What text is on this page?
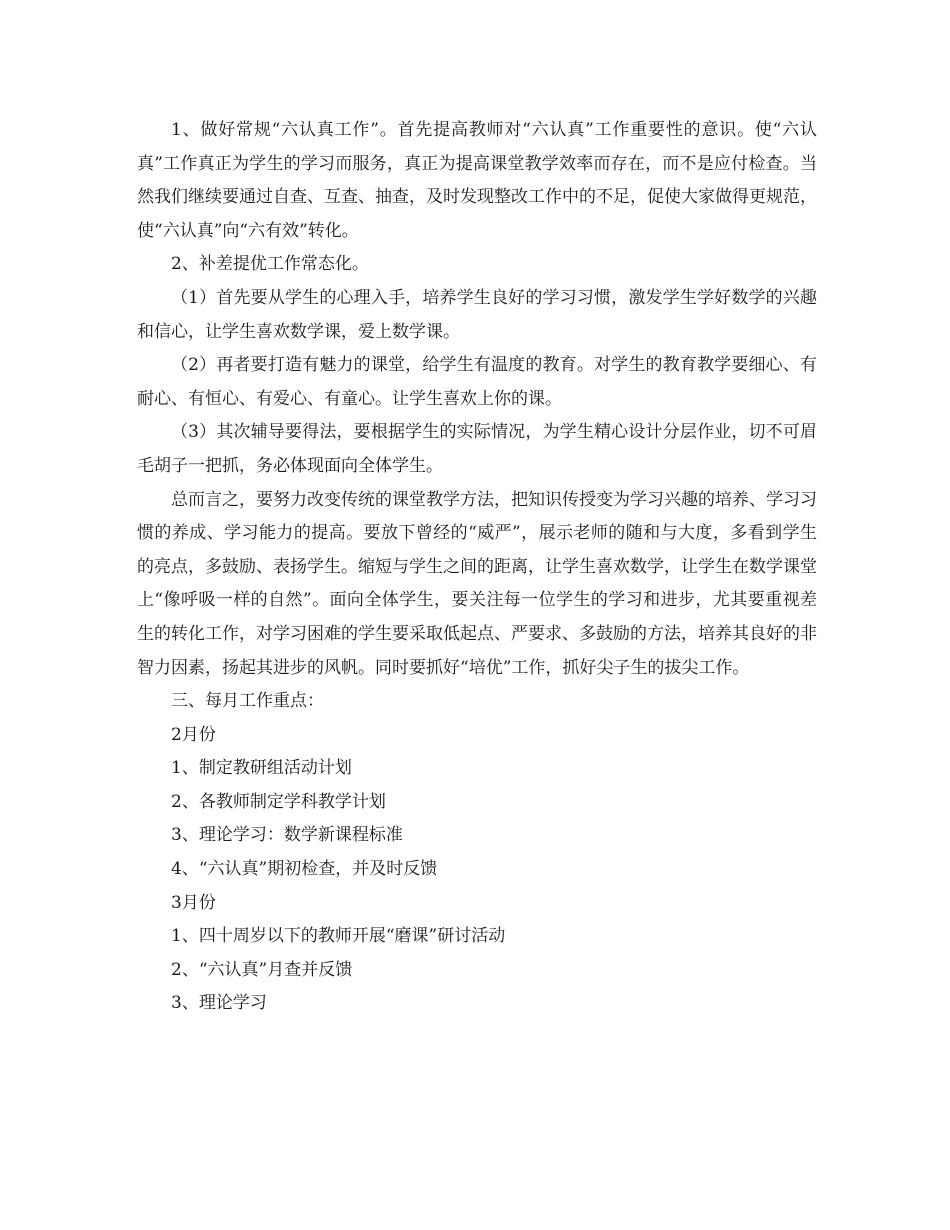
1、做好常规“六认真工作”。首先提高教师对“六认真”工作重要性的意识。使“六认真”工作真正为学生的学习而服务，真正为提高课堂教学效率而存在，而不是应付检查。当然我们继续要通过自查、互查、抽查，及时发现整改工作中的不足，促使大家做得更规范，使“六认真”向“六有效”转化。

2、补差提优工作常态化。

（1）首先要从学生的心理入手，培养学生良好的学习习惯，激发学生学好数学的兴趣和信心，让学生喜欢数学课，爱上数学课。

（2）再者要打造有魅力的课堂，给学生有温度的教育。对学生的教育教学要细心、有耐心、有恒心、有爱心、有童心。让学生喜欢上你的课。

（3）其次辅导要得法，要根据学生的实际情况，为学生精心设计分层作业，切不可眉毛胡子一把抓，务必体现面向全体学生。

总而言之，要努力改变传统的课堂教学方法，把知识传授变为学习兴趣的培养、学习习惯的养成、学习能力的提高。要放下曾经的“威严”，展示老师的随和与大度，多看到学生的亮点，多鼓励、表扬学生。缩短与学生之间的距离，让学生喜欢数学，让学生在数学课堂上“像呼吸一样的自然”。面向全体学生，要关注每一位学生的学习和进步，尤其要重视差生的转化工作，对学习困难的学生要采取低起点、严要求、多鼓励的方法，培养其良好的非智力因素，扬起其进步的风帆。同时要抓好“培优”工作，抓好尖子生的拔尖工作。

三、每月工作重点：

2月份

1、制定教研组活动计划

2、各教师制定学科教学计划

3、理论学习：数学新课程标准

4、“六认真”期初检查，并及时反馈

3月份

1、四十周岁以下的教师开展“磨课”研讨活动

2、“六认真”月查并反馈

3、理论学习
